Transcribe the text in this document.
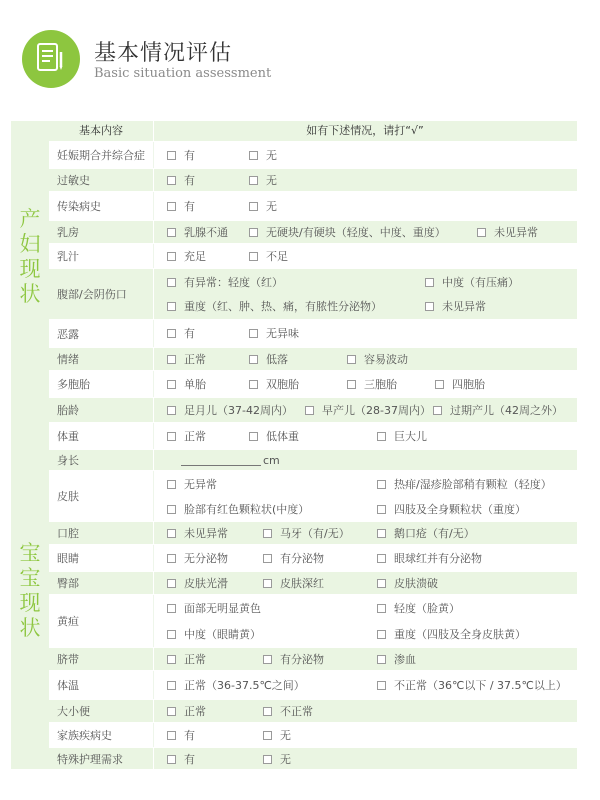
基本情况评估
Basic situation assessment
产
妇
现
状
宝
宝
现
状
基本内容	如有下述情况，请打“√”
妊娠期合并综合症	有	无
过敏史	有	无
传染病史	有	无
乳房	乳腺不通	无硬块/有硬块（轻度、中度、重度）	未见异常
乳汁	充足	不足
腹部/会阴伤口
有异常：轻度（红）	中度（有压痛）
重度（红、肿、热、痛，有脓性分泌物）	未见异常
恶露	有	无异味
情绪	正常	低落	容易波动
多胞胎	单胎	双胞胎	三胞胎	四胞胎
胎龄	足月儿（37-42周内）	早产儿（28-37周内） 过期产儿（42周之外）
体重	正常	低体重	巨大儿
身长	cm
皮肤
无异常	热痱/湿疹脸部稍有颗粒（轻度）
脸部有红色颗粒状(中度）	四肢及全身颗粒状（重度）
口腔	未见异常	马牙（有/无）	鹅口疮（有/无）
眼睛	无分泌物	有分泌物	眼球红并有分泌物
臀部	皮肤光滑	皮肤深红	皮肤溃破
黄疸
面部无明显黄色	轻度（脸黄）
中度（眼睛黄）	重度（四肢及全身皮肤黄）
脐带	正常	有分泌物	渗血
体温	正常（36-37.5℃之间）	不正常（36℃以下 / 37.5℃以上）
大小便	正常	不正常
家族疾病史	有	无
特殊护理需求	有	无
